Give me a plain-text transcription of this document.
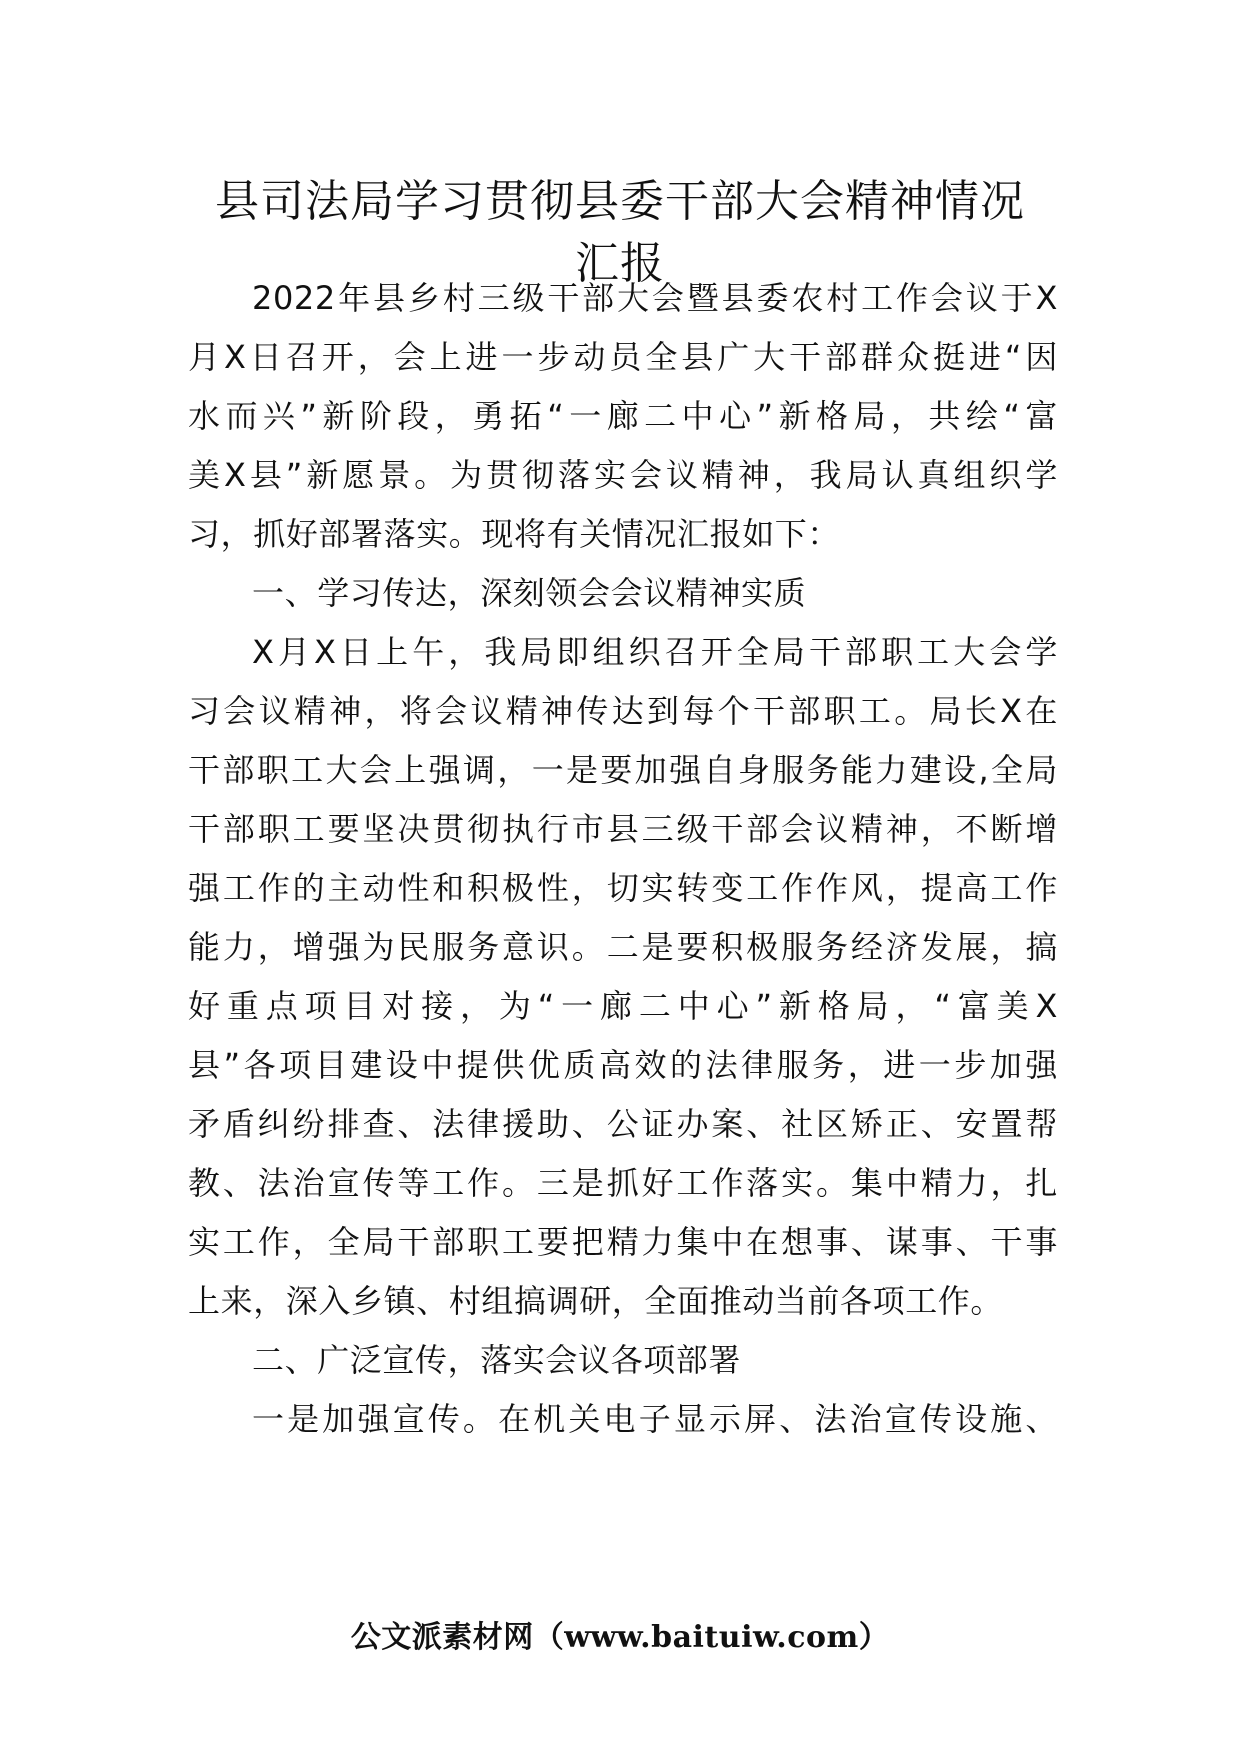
县司法局学习贯彻县委干部大会精神情况
汇报
2022年县乡村三级干部大会暨县委农村工作会议于X
月X日召开，会上进一步动员全县广大干部群众挺进“因
水而兴”新阶段，勇拓“一廊二中心”新格局，共绘“富
美X县”新愿景。为贯彻落实会议精神，我局认真组织学
习，抓好部署落实。现将有关情况汇报如下：
一、学习传达，深刻领会会议精神实质
X月X日上午，我局即组织召开全局干部职工大会学
习会议精神，将会议精神传达到每个干部职工。局长X在
干部职工大会上强调，一是要加强自身服务能力建设,全局
干部职工要坚决贯彻执行市县三级干部会议精神，不断增
强工作的主动性和积极性，切实转变工作作风，提高工作
能力，增强为民服务意识。二是要积极服务经济发展，搞
好重点项目对接，为“一廊二中心”新格局，“富美X
县”各项目建设中提供优质高效的法律服务，进一步加强
矛盾纠纷排查、法律援助、公证办案、社区矫正、安置帮
教、法治宣传等工作。三是抓好工作落实。集中精力，扎
实工作，全局干部职工要把精力集中在想事、谋事、干事
上来，深入乡镇、村组搞调研，全面推动当前各项工作。
二、广泛宣传，落实会议各项部署
一是加强宣传。在机关电子显示屏、法治宣传设施、
公文派素材网（www.baituiw.com）
